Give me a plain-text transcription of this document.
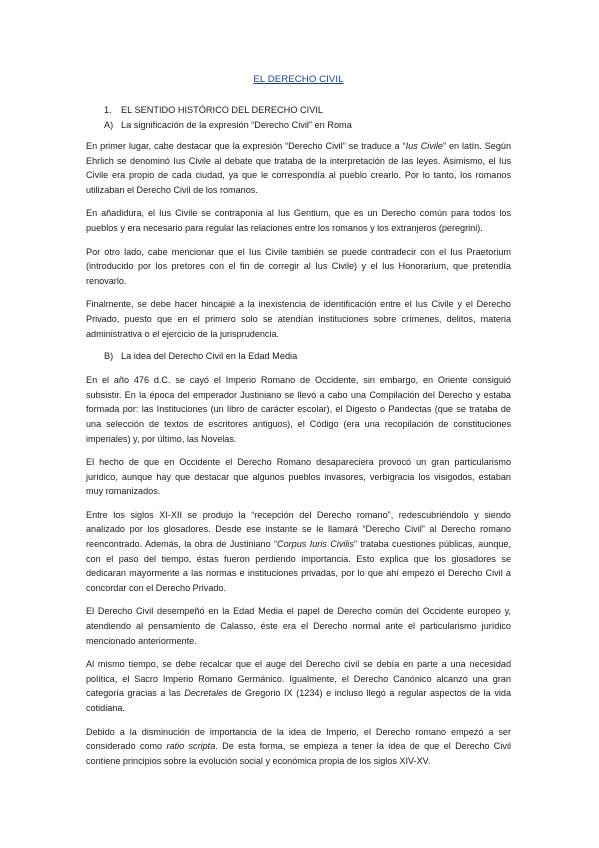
EL DERECHO CIVIL
1. EL SENTIDO HISTÓRICO DEL DERECHO CIVIL
A) La significación de la expresión “Derecho Civil” en Roma

En primer lugar, cabe destacar que la expresión “Derecho Civil” se traduce a “Ius Civile” en latín. Según Ehrlich se denominó Ius Civile al debate que trataba de la interpretación de las leyes. Asimismo, el Ius Civile era propio de cada ciudad, ya que le correspondía al pueblo crearlo. Por lo tanto, los romanos utilizaban el Derecho Civil de los romanos.

En añadidura, el Ius Civile se contraponía al Ius Gentium, que es un Derecho común para todos los pueblos y era necesario para regular las relaciones entre los romanos y los extranjeros (peregrini).

Por otro lado, cabe mencionar que el Ius Civile también se puede contradecir con el Ius Praetorium (introducido por los pretores con el fin de corregir al Ius Civile) y el Ius Honorarium, que pretendía renovarlo.

Finalmente, se debe hacer hincapié a la inexistencia de identificación entre el Ius Civile y el Derecho Privado, puesto que en el primero solo se atendían instituciones sobre crímenes, delitos, materia administrativa o el ejercicio de la jurisprudencia.

B) La idea del Derecho Civil en la Edad Media

En el año 476 d.C. se cayó el Imperio Romano de Occidente, sin embargo, en Oriente consiguió subsistir. En la época del emperador Justiniano se llevó a cabo una Compilación del Derecho y estaba formada por: las Instituciones (un libro de carácter escolar), el Digesto o Pandectas (que se trataba de una selección de textos de escritores antiguos), el Código (era una recopilación de constituciones imperiales) y, por último, las Novelas.

El hecho de que en Occidente el Derecho Romano desapareciera provocó un gran particularismo jurídico, aunque hay que destacar que algunos pueblos invasores, verbigracia los visigodos, estaban muy romanizados.

Entre los siglos XI-XII se produjo la “recepción del Derecho romano”, redescubriéndolo y siendo analizado por los glosadores. Desde ese instante se le llamará “Derecho Civil” al Derecho romano reencontrado. Además, la obra de Justiniano “Corpus Iuris Civilis” trataba cuestiones públicas, aunque, con el paso del tiempo, éstas fueron perdiendo importancia. Esto explica que los glosadores se dedicaran mayormente a las normas e instituciones privadas, por lo que ahí empezó el Derecho Civil a concordar con el Derecho Privado.

El Derecho Civil desempeñó en la Edad Media el papel de Derecho común del Occidente europeo y, atendiendo al pensamiento de Calasso, éste era el Derecho normal ante el particularismo jurídico mencionado anteriormente.

Al mismo tiempo, se debe recalcar que el auge del Derecho civil se debía en parte a una necesidad política, el Sacro Imperio Romano Germánico. Igualmente, el Derecho Canónico alcanzó una gran categoría gracias a las Decretales de Gregorio IX (1234) e incluso llegó a regular aspectos de la vida cotidiana.

Debido a la disminución de importancia de la idea de Imperio, el Derecho romano empezó a ser considerado como ratio scripta. De esta forma, se empieza a tener la idea de que el Derecho Civil contiene principios sobre la evolución social y económica propia de los siglos XIV-XV.
